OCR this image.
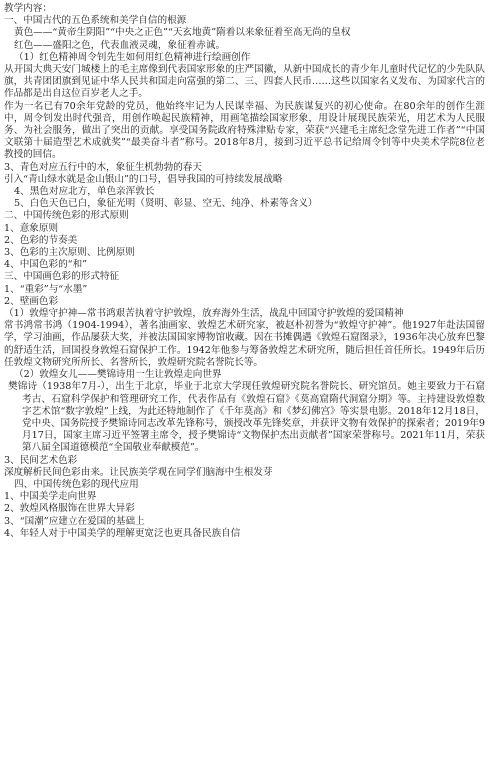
教学内容：

一、中国古代的五色系统和美学自信的根源

黄色——“黄帝生阴阳”“中央之正色”“天玄地黄”隋着以来象征着至高无尚的皇权

红色——盛阳之色，代表血液灵魂，象征着赤诚。

（1）红色精神周令钊先生如何用红色精神进行绘画创作

从开国大典天安门城楼上的毛主席像到代表国家形象的庄严国徽，从新中国成长的青少年儿童时代记忆的少先队队旗，共青团团旗到见证中华人民共和国走向富强的第二、三、四套人民币……这些以国家名义发布、为国家代言的作品都是出自这位百岁老人之手。

作为一名已有70余年党龄的党员，他始终牢记为人民谋幸福、为民族谋复兴的初心使命。在80余年的创作生涯中，周令钊发出时代强音，用创作唤起民族精神，用画笔描绘国家形象，用设计展现民族荣光，用艺术为人民服务、为社会服务，做出了突出的贡献。享受国务院政府特殊津贴专家，荣获“兴建毛主席纪念堂先进工作者”“中国文联第十届造型艺术成就奖”“最美奋斗者”称号。2018年8月，接到习近平总书记给周令钊等中央美术学院8位老教授的回信。

3、青色对应五行中的木，象征生机勃勃的春天

引入“青山绿水就是金山银山”的口号，倡导我国的可持续发展战略

4、黑色对应北方，单色亲浑敦长

5、白色天色已白，象征光明（贤明、彰显、空无、纯净、朴素等含义）

二、中国传统色彩的形式原则

1、意象原则

2、色彩的节奏美

3、色彩的主次原则、比例原则

4、中国色彩的“和”

三、中国画色彩的形式特征

1、“重彩”与“水墨”

2、壁画色彩

（1）敦煌守护神—常书鸿艰苦执着守护敦煌，放弃海外生活，战乱中回国守护敦煌的爱国精神

常书鸿常书鸿（1904-1994），著名油画家、敦煌艺术研究家，被赵朴初誉为“敦煌守护神”。他1927年赴法国留学，学习油画，作品屡获大奖，并被法国国家博物馆收藏。因在书摊偶遇《敦煌石窟图录》，1936年决心放弃巴黎的舒适生活，回国投身敦煌石窟保护工作。1942年他参与筹备敦煌艺术研究所，随后担任首任所长。1949年后历任敦煌文物研究所所长、名誉所长，敦煌研究院名誉院长等。

（2）敦煌女儿——樊锦诗用一生让敦煌走向世界

樊锦诗（1938年7月-），出生于北京，毕业于北京大学现任敦煌研究院名誉院长、研究馆员。她主要致力于石窟考古、石窟科学保护和管理研究工作，代表作品有《敦煌石窟》《莫高窟隋代洞窟分期》等。主持建设敦煌数字艺术馆“数字敦煌”上线，为此还特地制作了《千年莫高》和《梦幻佛宫》等实景电影。2018年12月18日，党中央、国务院授予樊锦诗同志改革先锋称号，颁授改革先锋奖章，并获评文物有效保护的探索者；2019年9月17日，国家主席习近平签署主席令，授予樊锦诗“文物保护杰出贡献者”国家荣誉称号。2021年11月，荣获第八届全国道德模范“全国敬业奉献模范”。

3、民间艺术色彩

深度解析民间色彩由来。让民族美学观在同学们脑海中生根发芽

四、中国传统色彩的现代应用

1、中国美学走向世界

2、敦煌风格服饰在世界大异彩

3、“国潮”应建立在爱国的基础上

4、年轻人对于中国美学的理解更宽泛也更具备民族自信
